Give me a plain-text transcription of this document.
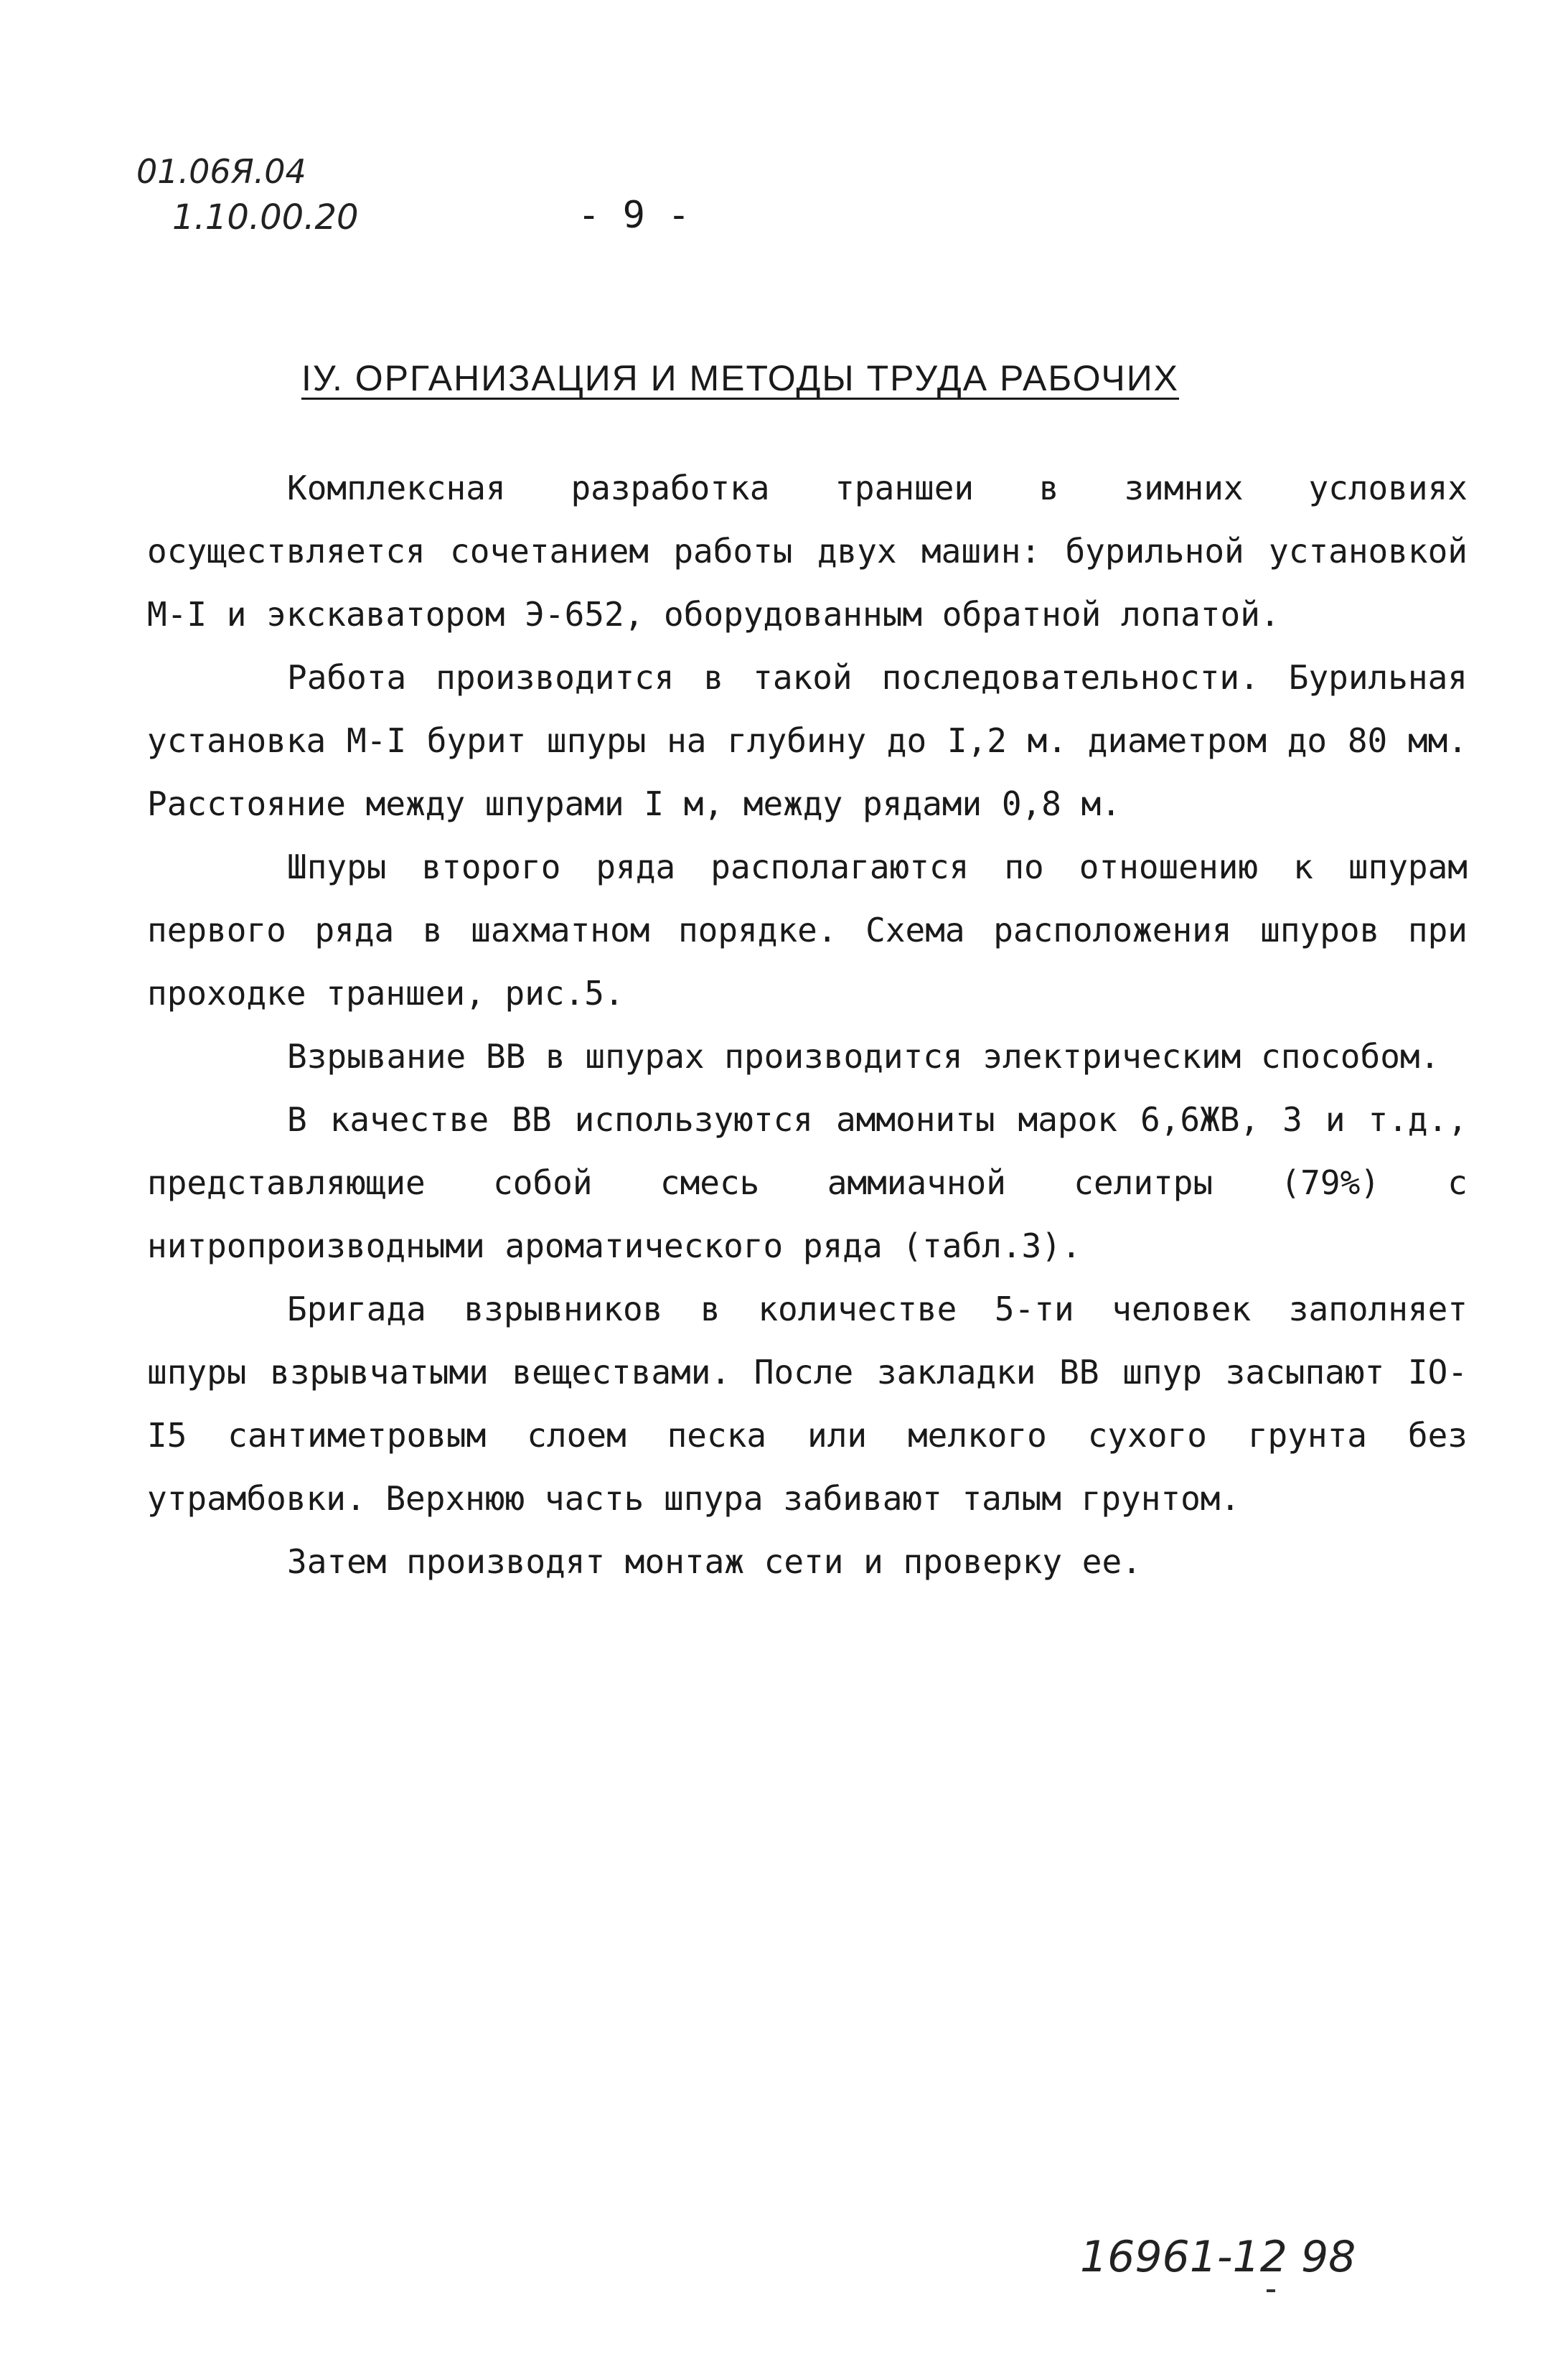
01.06Я.04
1.10.00.20	- 9 -
IУ. ОРГАНИЗАЦИЯ И МЕТОДЫ ТРУДА РАБОЧИХ

Комплексная разработка траншеи в зимних условиях осуществляется сочетанием работы двух машин: бурильной установкой М-I и экскаватором Э-652, оборудованным обратной лопатой.

Работа производится в такой последовательности. Бурильная установка М-I бурит шпуры на глубину до I,2 м. диаметром до 80 мм. Расстояние между шпурами I м, между рядами 0,8 м.

Шпуры второго ряда располагаются по отношению к шпурам первого ряда в шахматном порядке. Схема расположения шпуров при проходке траншеи, рис.5.

Взрывание ВВ в шпурах производится электрическим способом.

В качестве ВВ используются аммониты марок 6,6ЖВ, 3 и т.д., представляющие собой смесь аммиачной селитры (79%) с нитропроизводными ароматического ряда (табл.3).

Бригада взрывников в количестве 5-ти человек заполняет шпуры взрывчатыми веществами. После закладки ВВ шпур засыпают IO-I5 сантиметровым слоем песка или мелкого сухого грунта без утрамбовки. Верхнюю часть шпура забивают талым грунтом.

Затем производят монтаж сети и проверку ее.

16961-12 98
